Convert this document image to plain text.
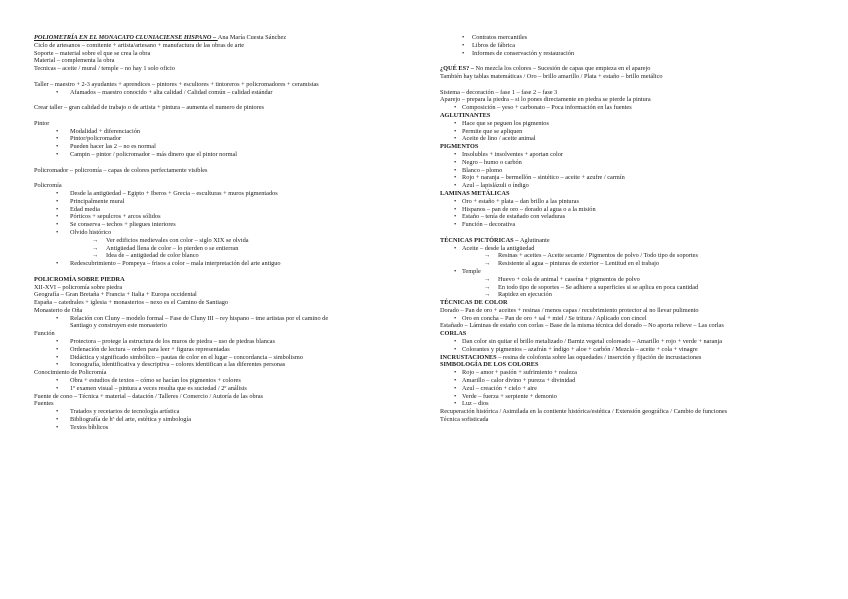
POLIOMETRÍA EN EL MONACATO CLUNIACIENSE HISPANO – Ana María Cuesta Sánchez
Ciclo de artesanos – comitente + artista/artesano + manufactura de las obras de arte
Soporte – material sobre el que se crea la obra
Material – complementa la obra
Tecnicas – aceite / mural / temple – no hay 1 solo oficio
Taller – maestro + 2-3 ayudantes + aprendices – pintores + escultores + tintoreros + policromadores + ceramistas
• Afamados – maestro conocido + alta calidad / Calidad común – calidad estándar
Crear taller – gran calidad de trabajo o de artista + pintura – aumenta el numero de pintores
Pintor
• Modalidad + diferenciación
• Pintor/policromador
• Pueden hacer las 2 – no es normal
• Campin – pintor / policromador – más dinero que el pintor normal
Policromador – policromía – capas de colores perfectamente visibles
Policromía
• Desde la antigüedad – Egipto + Iberos + Grecia – esculturas + muros pigmentados
• Principalmente mural
• Edad media
• Pórticos + sepulcros + arcos sólidos
• Se conserva – techos + pliegues interiores
• Olvido histórico
→ Ver edificios medievales con color – siglo XIX se olvida
→ Antigüedad llena de color – lo pierden o se entierran
→ Idea de – antigüedad de color blanco
• Redescubrimiento – Pompeya – frisos a color – mala interpretación del arte antiguo
POLICROMÍA SOBRE PIEDRA
XII-XVI – policromía sobre piedra
Geografía – Gran Bretaña + Francia + Italia + Europa occidental
España – catedrales + iglesia + monasterios – nexo es el Camino de Santiago
Monasterio de Oña
• Relación con Cluny – modelo formal – Fase de Cluny III – rey hispano – tme artistas por el camino de
Santiago y construyen este monasterio
Función
• Protectora – protege la estructura de los muros de piedra – uso de piedras blancas
• Ordenación de lectura – orden para leer + figuras representadas
• Didáctica y significado simbólico – pautas de color en el lugar – concordancia – simbolismo
• Iconografía, identificativa y descriptiva – colores identifican a las diferentes personas
Conocimiento de Policromía
• Obra + estudios de textos – cómo se hacían los pigmentos + colores
• 1º examen visual – pintura a veces resulta que es suciedad / 2º análisis
Fuente de cono – Técnica + material – datación / Talleres / Comercio / Autoría de las obras
Fuentes
• Tratados y recetarios de tecnología artística
• Bibliografía de hª del arte, estética y simbología
• Textos bíblicos
• Contratos mercantiles
• Libros de fábrica
• Informes de conservación y restauración
¿QUÉ ES? – No mezcla los colores – Sucesión de capas que empieza en el aparejo
También hay tablas matemáticas / Oro – brillo amarillo / Plata + estaño – brillo metálico
Sistema – decoración – fase 1 – fase 2 – fase 3
Aparejo – prepara la piedra – si lo pones directamente en piedra se pierde la pintura
• Composición – yeso + carbonato – Poca información en las fuentes
AGLUTINANTES
• Hace que se peguen los pigmentos
• Permite que se apliquen
• Aceite de lino / aceite animal
PIGMENTOS
• Insolubles + insolventes + aportan color
• Negro – humo o carbón
• Blanco – plomo
• Rojo + naranja – bermellón – sintético – aceite + azufre / carmín
• Azul – lapislázuli o índigo
LAMINAS METÁLICAS
• Oro + estaño + plata – dan brillo a las pinturas
• Hispanos – pan de oro – dorado al agua o a la misión
• Estaño – tenía de estañado con veladuras
• Función – decorativa
TÉCNICAS PICTÓRICAS – Aglutinante
• Aceite – desde la antigüedad
→ Resinas + aceites – Aceite secante / Pigmentos de polvo / Todo tipo de soportes
→ Resistente al agua – pinturas de exterior – Lentitud en el trabajo
• Temple
→ Huevo + cola de animal + caseína + pigmentos de polvo
→ En todo tipo de soportes – Se adhiere a superficies si se aplica en poca cantidad
→ Rapidez en ejecución
TÉCNICAS DE COLOR
Dorado – Pan de oro + aceites + resinas / menos capas / recubrimiento protector al no llevar pulimento
• Oro en concha – Pan de oro + sal + miel / Se tritura / Aplicado con cincel
Estañado – Láminas de estaño con corlas – Base de la misma técnica del dorado – No aporta relieve – Las corlas
CORLAS
• Dan color sin quitar el brillo metalizado / Barniz vegetal coloreado – Amarillo + rojo + verde + naranja
• Colorantes y pigmentos – azafrán + índigo + aloe + carbón / Mezcla – aceite + cola + vinagre
INCRUSTACIONES – resina de colofonia sobre las oquedades / inserción y fijación de incrustaciones
SIMBOLOGÍA DE LOS COLORES
• Rojo – amor + pasión + sufrimiento + realeza
• Amarillo – calor divino + pureza + divinidad
• Azul – creación + cielo + aire
• Verde – fuerza + serpiente + demonio
• Luz – dios
Recuperación histórica / Asimilada en la contiente histórica/estética / Extensión geográfica / Cambio de funciones
Técnica sofisticada
